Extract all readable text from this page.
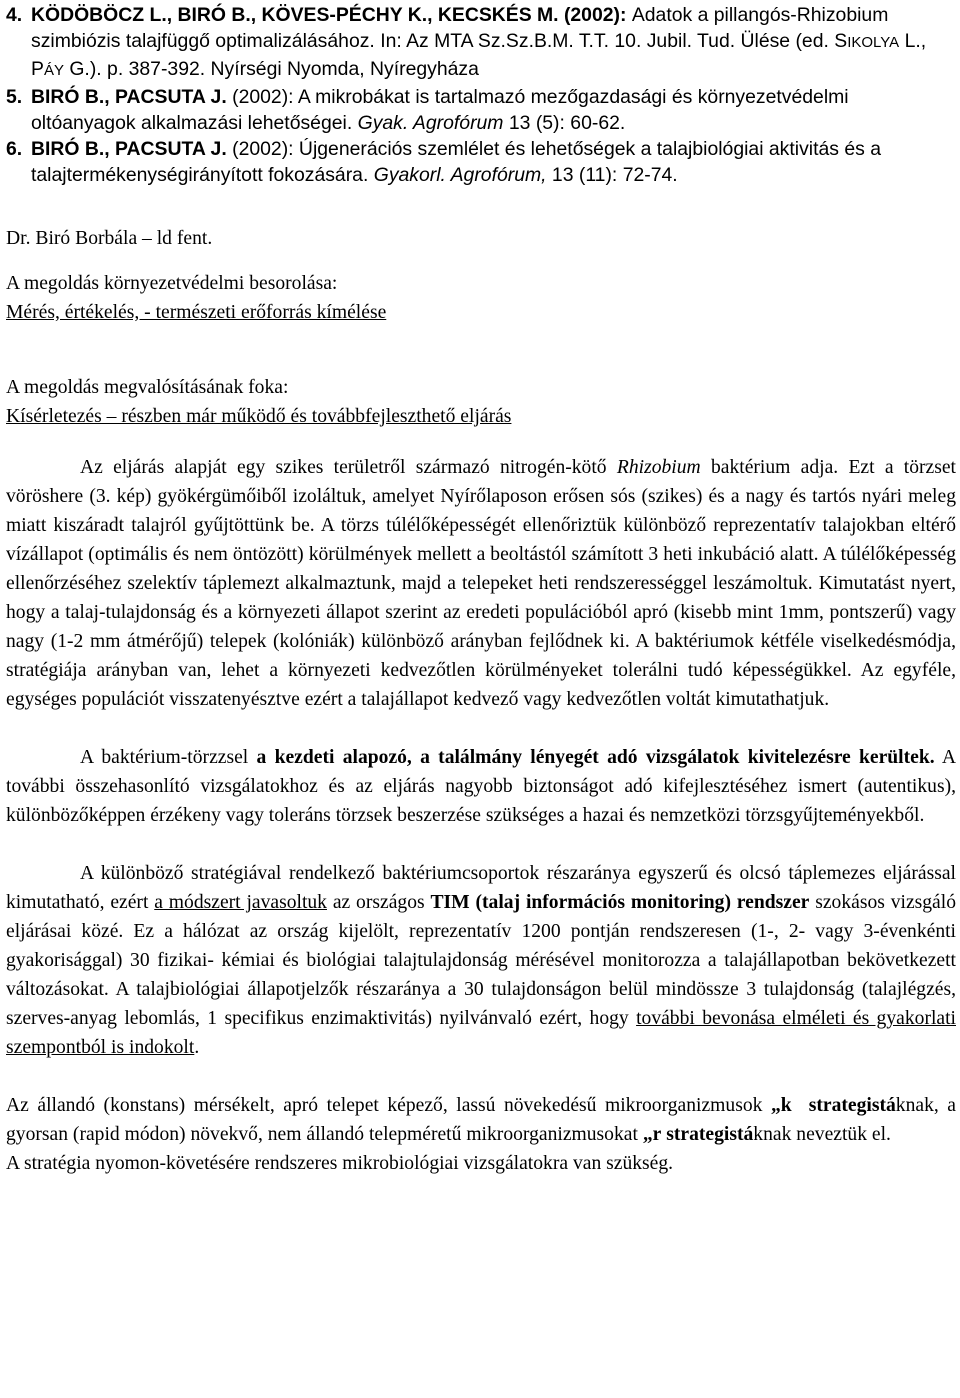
4. KÖDÖBÖCZ L., BIRÓ B., KÖVES-PÉCHY K., KECSKÉS M. (2002): Adatok a pillangós-Rhizobium szimbiózis talajfüggő optimalizálásához. In: Az MTA Sz.Sz.B.M. T.T. 10. Jubil. Tud. Ülése (ed. SIKOLYA L., PÁY G.). p. 387-392. Nyírségi Nyomda, Nyíregyháza
5. BIRÓ B., PACSUTA J. (2002): A mikrobákat is tartalmazó mezőgazdasági és környezetvédelmi oltóanyagok alkalmazási lehetőségei. Gyak. Agrofórum 13 (5): 60-62.
6. BIRÓ B., PACSUTA J. (2002): Újgenerációs szemlélet és lehetőségek a talajbiológiai aktivitás és a talajtermékenységirányított fokozására. Gyakorl. Agrofórum, 13 (11): 72-74.
Dr. Biró Borbála – ld fent.
A megoldás környezetvédelmi besorolása:
Mérés, értékelés, - természeti erőforrás kímélése
A megoldás megvalósításának foka:
Kísérletezés – részben már működő és továbbfejleszthető eljárás
Az eljárás alapját egy szikes területről származó nitrogén-kötő Rhizobium baktérium adja. Ezt a törzset vöröshere (3. kép) gyökérgümőiből izoláltuk, amelyet Nyírőlaposon erősen sós (szikes) és a nagy és tartós nyári meleg miatt kiszáradt talajról gyűjtöttünk be. A törzs túlélőképességét ellenőriztük különböző reprezentatív talajokban eltérő vízállapot (optimális és nem öntözött) körülmények mellett a beoltástól számított 3 heti inkubáció alatt. A túlélőképesség ellenőrzéséhez szelektív táplemezt alkalmaztunk, majd a telepeket heti rendszerességgel leszámoltuk. Kimutatást nyert, hogy a talaj-tulajdonság és a környezeti állapot szerint az eredeti populációból apró (kisebb mint 1mm, pontszerű) vagy nagy (1-2 mm átmérőjű) telepek (kolóniák) különböző arányban fejlődnek ki. A baktériumok kétféle viselkedésmódja, stratégiája arányban van, lehet a környezeti kedvezőtlen körülményeket tolerálni tudó képességükkel. Az egyféle, egységes populációt visszatenyésztve ezért a talajállapot kedvező vagy kedvezőtlen voltát kimutathatjuk.
A baktérium-törzzsel a kezdeti alapozó, a találmány lényegét adó vizsgálatok kivitelezésre kerültek. A további összehasonlító vizsgálatokhoz és az eljárás nagyobb biztonságot adó kifejlesztéséhez ismert (autentikus), különbözőképpen érzékeny vagy toleráns törzsek beszerzése szükséges a hazai és nemzetközi törzsgyűjteményekből.
A különböző stratégiával rendelkező baktériumcsoportok részaránya egyszerű és olcsó táplemezes eljárással kimutatható, ezért a módszert javasoltuk az országos TIM (talaj információs monitoring) rendszer szokásos vizsgáló eljárásai közé. Ez a hálózat az ország kijelölt, reprezentatív 1200 pontján rendszeresen (1-, 2- vagy 3-évenkénti gyakorisággal) 30 fizikai- kémiai és biológiai talajtulajdonság mérésével monitorozza a talajállapotban bekövetkezett változásokat. A talajbiológiai állapotjelzők részaránya a 30 tulajdonságon belül mindössze 3 tulajdonság (talajlégzés, szerves-anyag lebomlás, 1 specifikus enzimaktivitás) nyilvánvaló ezért, hogy további bevonása elméleti és gyakorlati szempontból is indokolt.
Az állandó (konstans) mérsékelt, apró telepet képező, lassú növekedésű mikroorganizmusok „k strategistáknak, a gyorsan (rapid módon) növekvő, nem állandó telepméretű mikroorganizmusokat „r strategistáknak neveztük el.
A stratégia nyomon-követésére rendszeres mikrobiológiai vizsgálatokra van szükség.
